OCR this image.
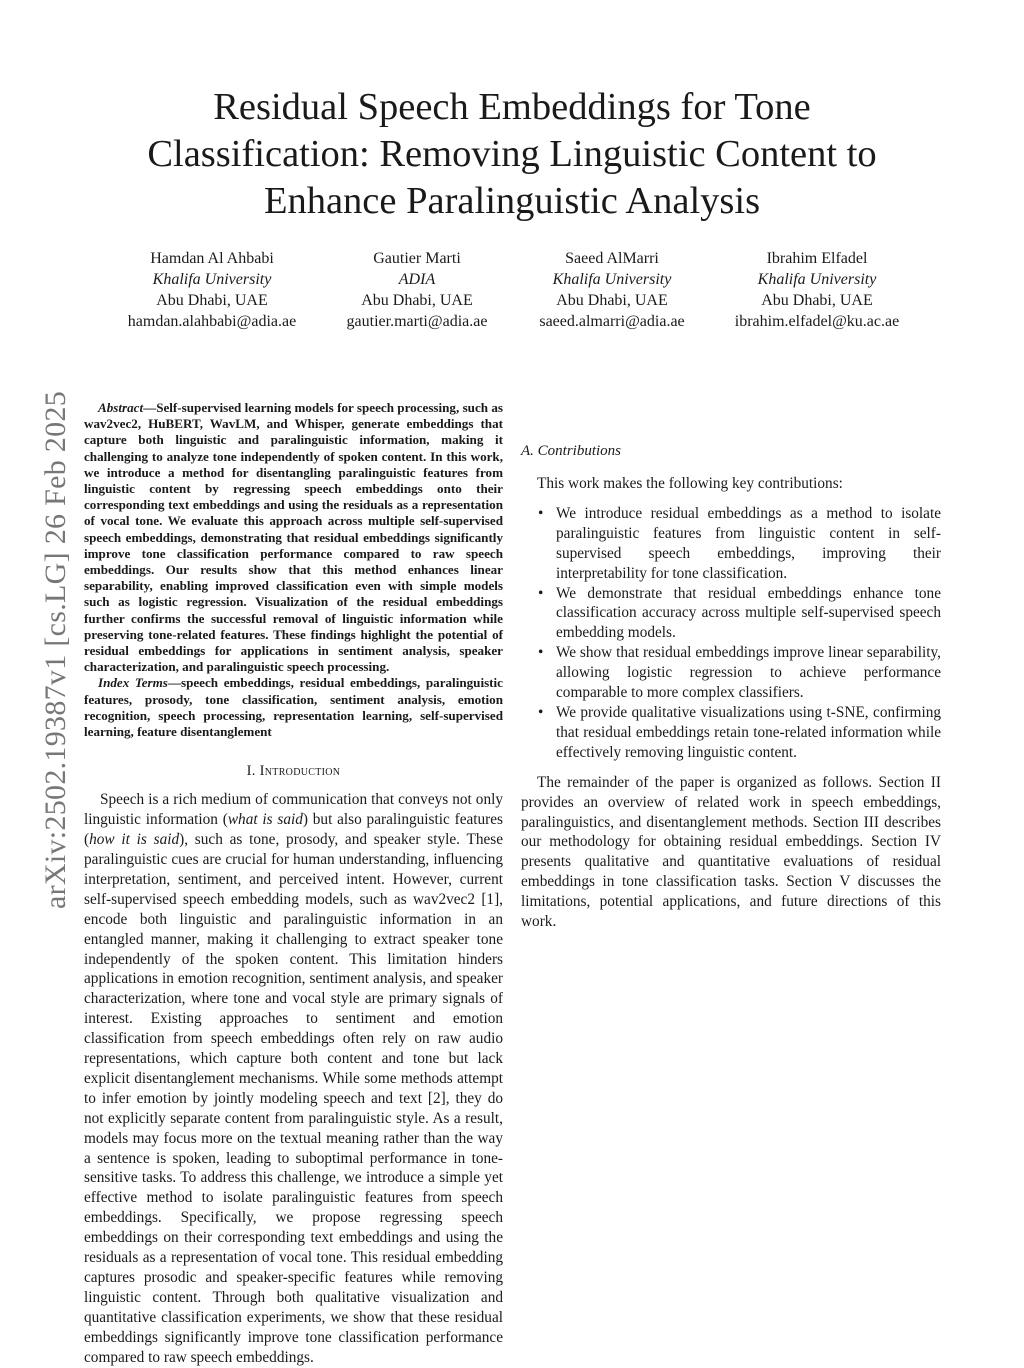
arXiv:2502.19387v1 [cs.LG] 26 Feb 2025
Residual Speech Embeddings for Tone Classification: Removing Linguistic Content to Enhance Paralinguistic Analysis
Hamdan Al Ahbabi
Khalifa University
Abu Dhabi, UAE
hamdan.alahbabi@adia.ae
Gautier Marti
ADIA
Abu Dhabi, UAE
gautier.marti@adia.ae
Saeed AlMarri
Khalifa University
Abu Dhabi, UAE
saeed.almarri@adia.ae
Ibrahim Elfadel
Khalifa University
Abu Dhabi, UAE
ibrahim.elfadel@ku.ac.ae

Abstract—Self-supervised learning models for speech processing, such as wav2vec2, HuBERT, WavLM, and Whisper, generate embeddings that capture both linguistic and paralinguistic information, making it challenging to analyze tone independently of spoken content. In this work, we introduce a method for disentangling paralinguistic features from linguistic content by regressing speech embeddings onto their corresponding text embeddings and using the residuals as a representation of vocal tone. We evaluate this approach across multiple self-supervised speech embeddings, demonstrating that residual embeddings significantly improve tone classification performance compared to raw speech embeddings. Our results show that this method enhances linear separability, enabling improved classification even with simple models such as logistic regression. Visualization of the residual embeddings further confirms the successful removal of linguistic information while preserving tone-related features. These findings highlight the potential of residual embeddings for applications in sentiment analysis, speaker characterization, and paralinguistic speech processing.

Index Terms—speech embeddings, residual embeddings, paralinguistic features, prosody, tone classification, sentiment analysis, emotion recognition, speech processing, representation learning, self-supervised learning, feature disentanglement

I. Introduction

Speech is a rich medium of communication that conveys not only linguistic information (what is said) but also paralinguistic features (how it is said), such as tone, prosody, and speaker style. These paralinguistic cues are crucial for human understanding, influencing interpretation, sentiment, and perceived intent. However, current self-supervised speech embedding models, such as wav2vec2 [1], encode both linguistic and paralinguistic information in an entangled manner, making it challenging to extract speaker tone independently of the spoken content. This limitation hinders applications in emotion recognition, sentiment analysis, and speaker characterization, where tone and vocal style are primary signals of interest. Existing approaches to sentiment and emotion classification from speech embeddings often rely on raw audio representations, which capture both content and tone but lack explicit disentanglement mechanisms. While some methods attempt to infer emotion by jointly modeling speech and text [2], they do not explicitly separate content from paralinguistic style. As a result, models may focus more on the textual meaning rather than the way a sentence is spoken, leading to suboptimal performance in tone-sensitive tasks. To address this challenge, we introduce a simple yet effective method to isolate paralinguistic features from speech embeddings. Specifically, we propose regressing speech embeddings on their corresponding text embeddings and using the residuals as a representation of vocal tone. This residual embedding captures prosodic and speaker-specific features while removing linguistic content. Through both qualitative visualization and quantitative classification experiments, we show that these residual embeddings significantly improve tone classification performance compared to raw speech embeddings.

A. Contributions

This work makes the following key contributions:

• We introduce residual embeddings as a method to isolate paralinguistic features from linguistic content in self-supervised speech embeddings, improving their interpretability for tone classification.
• We demonstrate that residual embeddings enhance tone classification accuracy across multiple self-supervised speech embedding models.
• We show that residual embeddings improve linear separability, allowing logistic regression to achieve performance comparable to more complex classifiers.
• We provide qualitative visualizations using t-SNE, confirming that residual embeddings retain tone-related information while effectively removing linguistic content.

The remainder of the paper is organized as follows. Section II provides an overview of related work in speech embeddings, paralinguistics, and disentanglement methods. Section III describes our methodology for obtaining residual embeddings. Section IV presents qualitative and quantitative evaluations of residual embeddings in tone classification tasks. Section V discusses the limitations, potential applications, and future directions of this work.
